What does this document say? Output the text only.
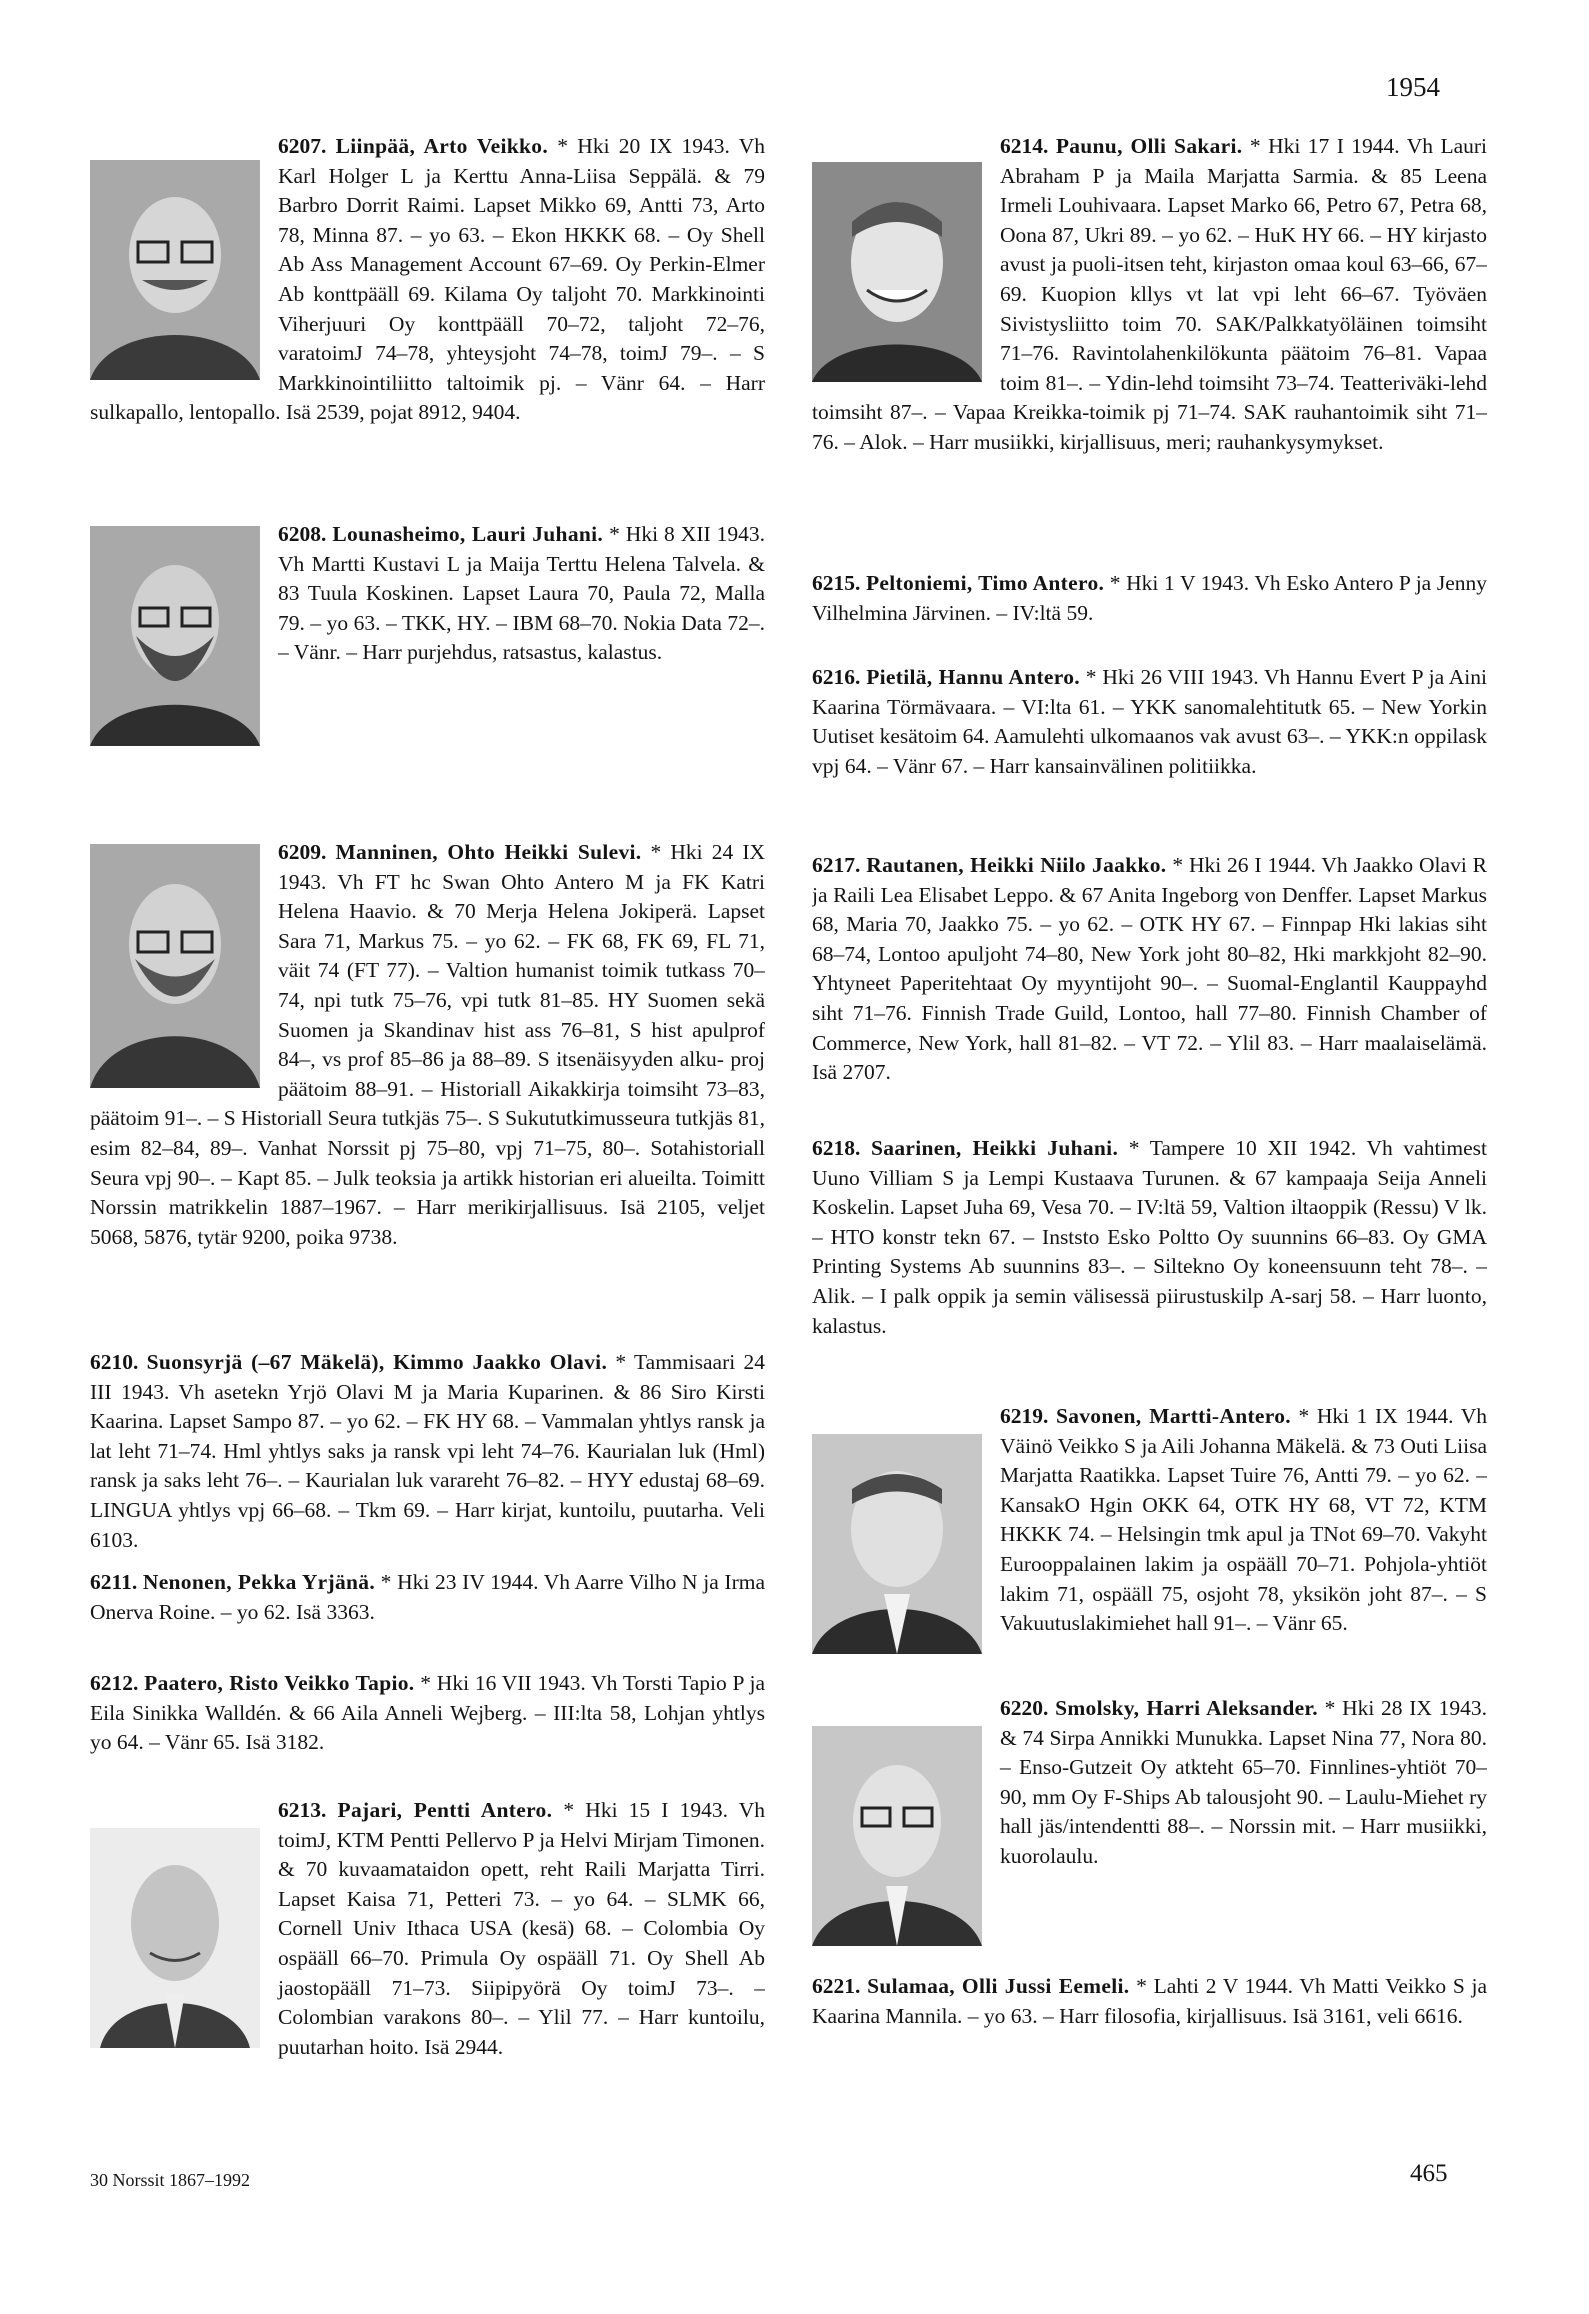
1954

6207. Liinpää, Arto Veikko. * Hki 20 IX 1943. Vh Karl Holger L ja Kerttu Anna-Liisa Seppälä. & 79 Barbro Dorrit Raimi. Lapset Mikko 69, Antti 73, Arto 78, Minna 87. – yo 63. – Ekon HKKK 68. – Oy Shell Ab Ass Management Account 67–69. Oy Perkin-Elmer Ab konttpääll 69. Kilama Oy taljoht 70. Markkinointi Viherjuuri Oy konttpääll 70–72, taljoht 72–76, varatoimJ 74–78, yhteysjoht 74–78, toimJ 79–. – S Markkinointiliitto taltoimik pj. – Vänr 64. – Harr sulkapallo, lentopallo. Isä 2539, pojat 8912, 9404.

6208. Lounasheimo, Lauri Juhani. * Hki 8 XII 1943. Vh Martti Kustavi L ja Maija Terttu Helena Talvela. & 83 Tuula Koskinen. Lapset Laura 70, Paula 72, Malla 79. – yo 63. – TKK, HY. – IBM 68–70. Nokia Data 72–. – Vänr. – Harr purjehdus, ratsastus, kalastus.

6209. Manninen, Ohto Heikki Sulevi. * Hki 24 IX 1943. Vh FT hc Swan Ohto Antero M ja FK Katri Helena Haavio. & 70 Merja Helena Jokiperä. Lapset Sara 71, Markus 75. – yo 62. – FK 68, FK 69, FL 71, väit 74 (FT 77). – Valtion humanist toimik tutkass 70–74, npi tutk 75–76, vpi tutk 81–85. HY Suomen sekä Suomen ja Skandinav hist ass 76–81, S hist apulprof 84–, vs prof 85–86 ja 88–89. S itsenäisyyden alku- proj päätoim 88–91. – Historiall Aikakkirja toimsiht 73–83, päätoim 91–. – S Historiall Seura tutkjäs 75–. S Sukututkimusseura tutkjäs 81, esim 82–84, 89–. Vanhat Norssit pj 75–80, vpj 71–75, 80–. Sotahistoriall Seura vpj 90–. – Kapt 85. – Julk teoksia ja artikk historian eri alueilta. Toimitt Norssin matrikkelin 1887–1967. – Harr merikirjallisuus. Isä 2105, veljet 5068, 5876, tytär 9200, poika 9738.

6210. Suonsyrjä (–67 Mäkelä), Kimmo Jaakko Olavi. * Tammisaari 24 III 1943. Vh asetekn Yrjö Olavi M ja Maria Kuparinen. & 86 Siro Kirsti Kaarina. Lapset Sampo 87. – yo 62. – FK HY 68. – Vammalan yhtlys ransk ja lat leht 71–74. Hml yhtlys saks ja ransk vpi leht 74–76. Kaurialan luk (Hml) ransk ja saks leht 76–. – Kaurialan luk varareht 76–82. – HYY edustaj 68–69. LINGUA yhtlys vpj 66–68. – Tkm 69. – Harr kirjat, kuntoilu, puutarha. Veli 6103.

6211. Nenonen, Pekka Yrjänä. * Hki 23 IV 1944. Vh Aarre Vilho N ja Irma Onerva Roine. – yo 62. Isä 3363.

6212. Paatero, Risto Veikko Tapio. * Hki 16 VII 1943. Vh Torsti Tapio P ja Eila Sinikka Walldén. & 66 Aila Anneli Wejberg. – III:lta 58, Lohjan yhtlys yo 64. – Vänr 65. Isä 3182.

6213. Pajari, Pentti Antero. * Hki 15 I 1943. Vh toimJ, KTM Pentti Pellervo P ja Helvi Mirjam Timonen. & 70 kuvaamataidon opett, reht Raili Marjatta Tirri. Lapset Kaisa 71, Petteri 73. – yo 64. – SLMK 66, Cornell Univ Ithaca USA (kesä) 68. – Colombia Oy ospääll 66–70. Primula Oy ospääll 71. Oy Shell Ab jaostopääll 71–73. Siipipyörä Oy toimJ 73–. – Colombian varakons 80–. – Ylil 77. – Harr kuntoilu, puutarhan hoito. Isä 2944.

6214. Paunu, Olli Sakari. * Hki 17 I 1944. Vh Lauri Abraham P ja Maila Marjatta Sarmia. & 85 Leena Irmeli Louhivaara. Lapset Marko 66, Petro 67, Petra 68, Oona 87, Ukri 89. – yo 62. – HuK HY 66. – HY kirjasto avust ja puoli-itsen teht, kirjaston omaa koul 63–66, 67–69. Kuopion kllys vt lat vpi leht 66–67. Työväen Sivistysliitto toim 70. SAK/Palkkatyöläinen toimsiht 71–76. Ravintolahenkilökunta päätoim 76–81. Vapaa toim 81–. – Ydin-lehd toimsiht 73–74. Teatteriväki-lehd toimsiht 87–. – Vapaa Kreikka-toimik pj 71–74. SAK rauhantoimik siht 71–76. – Alok. – Harr musiikki, kirjallisuus, meri; rauhankysymykset.

6215. Peltoniemi, Timo Antero. * Hki 1 V 1943. Vh Esko Antero P ja Jenny Vilhelmina Järvinen. – IV:ltä 59.

6216. Pietilä, Hannu Antero. * Hki 26 VIII 1943. Vh Hannu Evert P ja Aini Kaarina Törmävaara. – VI:lta 61. – YKK sanomalehtitutk 65. – New Yorkin Uutiset kesätoim 64. Aamulehti ulkomaanos vak avust 63–. – YKK:n oppilask vpj 64. – Vänr 67. – Harr kansainvälinen politiikka.

6217. Rautanen, Heikki Niilo Jaakko. * Hki 26 I 1944. Vh Jaakko Olavi R ja Raili Lea Elisabet Leppo. & 67 Anita Ingeborg von Denffer. Lapset Markus 68, Maria 70, Jaakko 75. – yo 62. – OTK HY 67. – Finnpap Hki lakias siht 68–74, Lontoo apuljoht 74–80, New York joht 80–82, Hki markkjoht 82–90. Yhtyneet Paperitehtaat Oy myyntijoht 90–. – Suomal-Englantil Kauppayhd siht 71–76. Finnish Trade Guild, Lontoo, hall 77–80. Finnish Chamber of Commerce, New York, hall 81–82. – VT 72. – Ylil 83. – Harr maalaiselämä. Isä 2707.

6218. Saarinen, Heikki Juhani. * Tampere 10 XII 1942. Vh vahtimest Uuno Villiam S ja Lempi Kustaava Turunen. & 67 kampaaja Seija Anneli Koskelin. Lapset Juha 69, Vesa 70. – IV:ltä 59, Valtion iltaoppik (Ressu) V lk. – HTO konstr tekn 67. – Inststo Esko Poltto Oy suunnins 66–83. Oy GMA Printing Systems Ab suunnins 83–. – Siltekno Oy koneensuunn teht 78–. – Alik. – I palk oppik ja semin välisessä piirustuskilp A-sarj 58. – Harr luonto, kalastus.

6219. Savonen, Martti-Antero. * Hki 1 IX 1944. Vh Väinö Veikko S ja Aili Johanna Mäkelä. & 73 Outi Liisa Marjatta Raatikka. Lapset Tuire 76, Antti 79. – yo 62. – KansakO Hgin OKK 64, OTK HY 68, VT 72, KTM HKKK 74. – Helsingin tmk apul ja TNot 69–70. Vakyht Eurooppalainen lakim ja ospääll 70–71. Pohjola-yhtiöt lakim 71, ospääll 75, osjoht 78, yksikön joht 87–. – S Vakuutuslakimiehet hall 91–. – Vänr 65.

6220. Smolsky, Harri Aleksander. * Hki 28 IX 1943. & 74 Sirpa Annikki Munukka. Lapset Nina 77, Nora 80. – Enso-Gutzeit Oy atkteht 65–70. Finnlines-yhtiöt 70–90, mm Oy F-Ships Ab talousjoht 90. – Laulu-Miehet ry hall jäs/intendentti 88–. – Norssin mit. – Harr musiikki, kuorolaulu.

6221. Sulamaa, Olli Jussi Eemeli. * Lahti 2 V 1944. Vh Matti Veikko S ja Kaarina Mannila. – yo 63. – Harr filosofia, kirjallisuus. Isä 3161, veli 6616.

30 Norssit 1867–1992	465
